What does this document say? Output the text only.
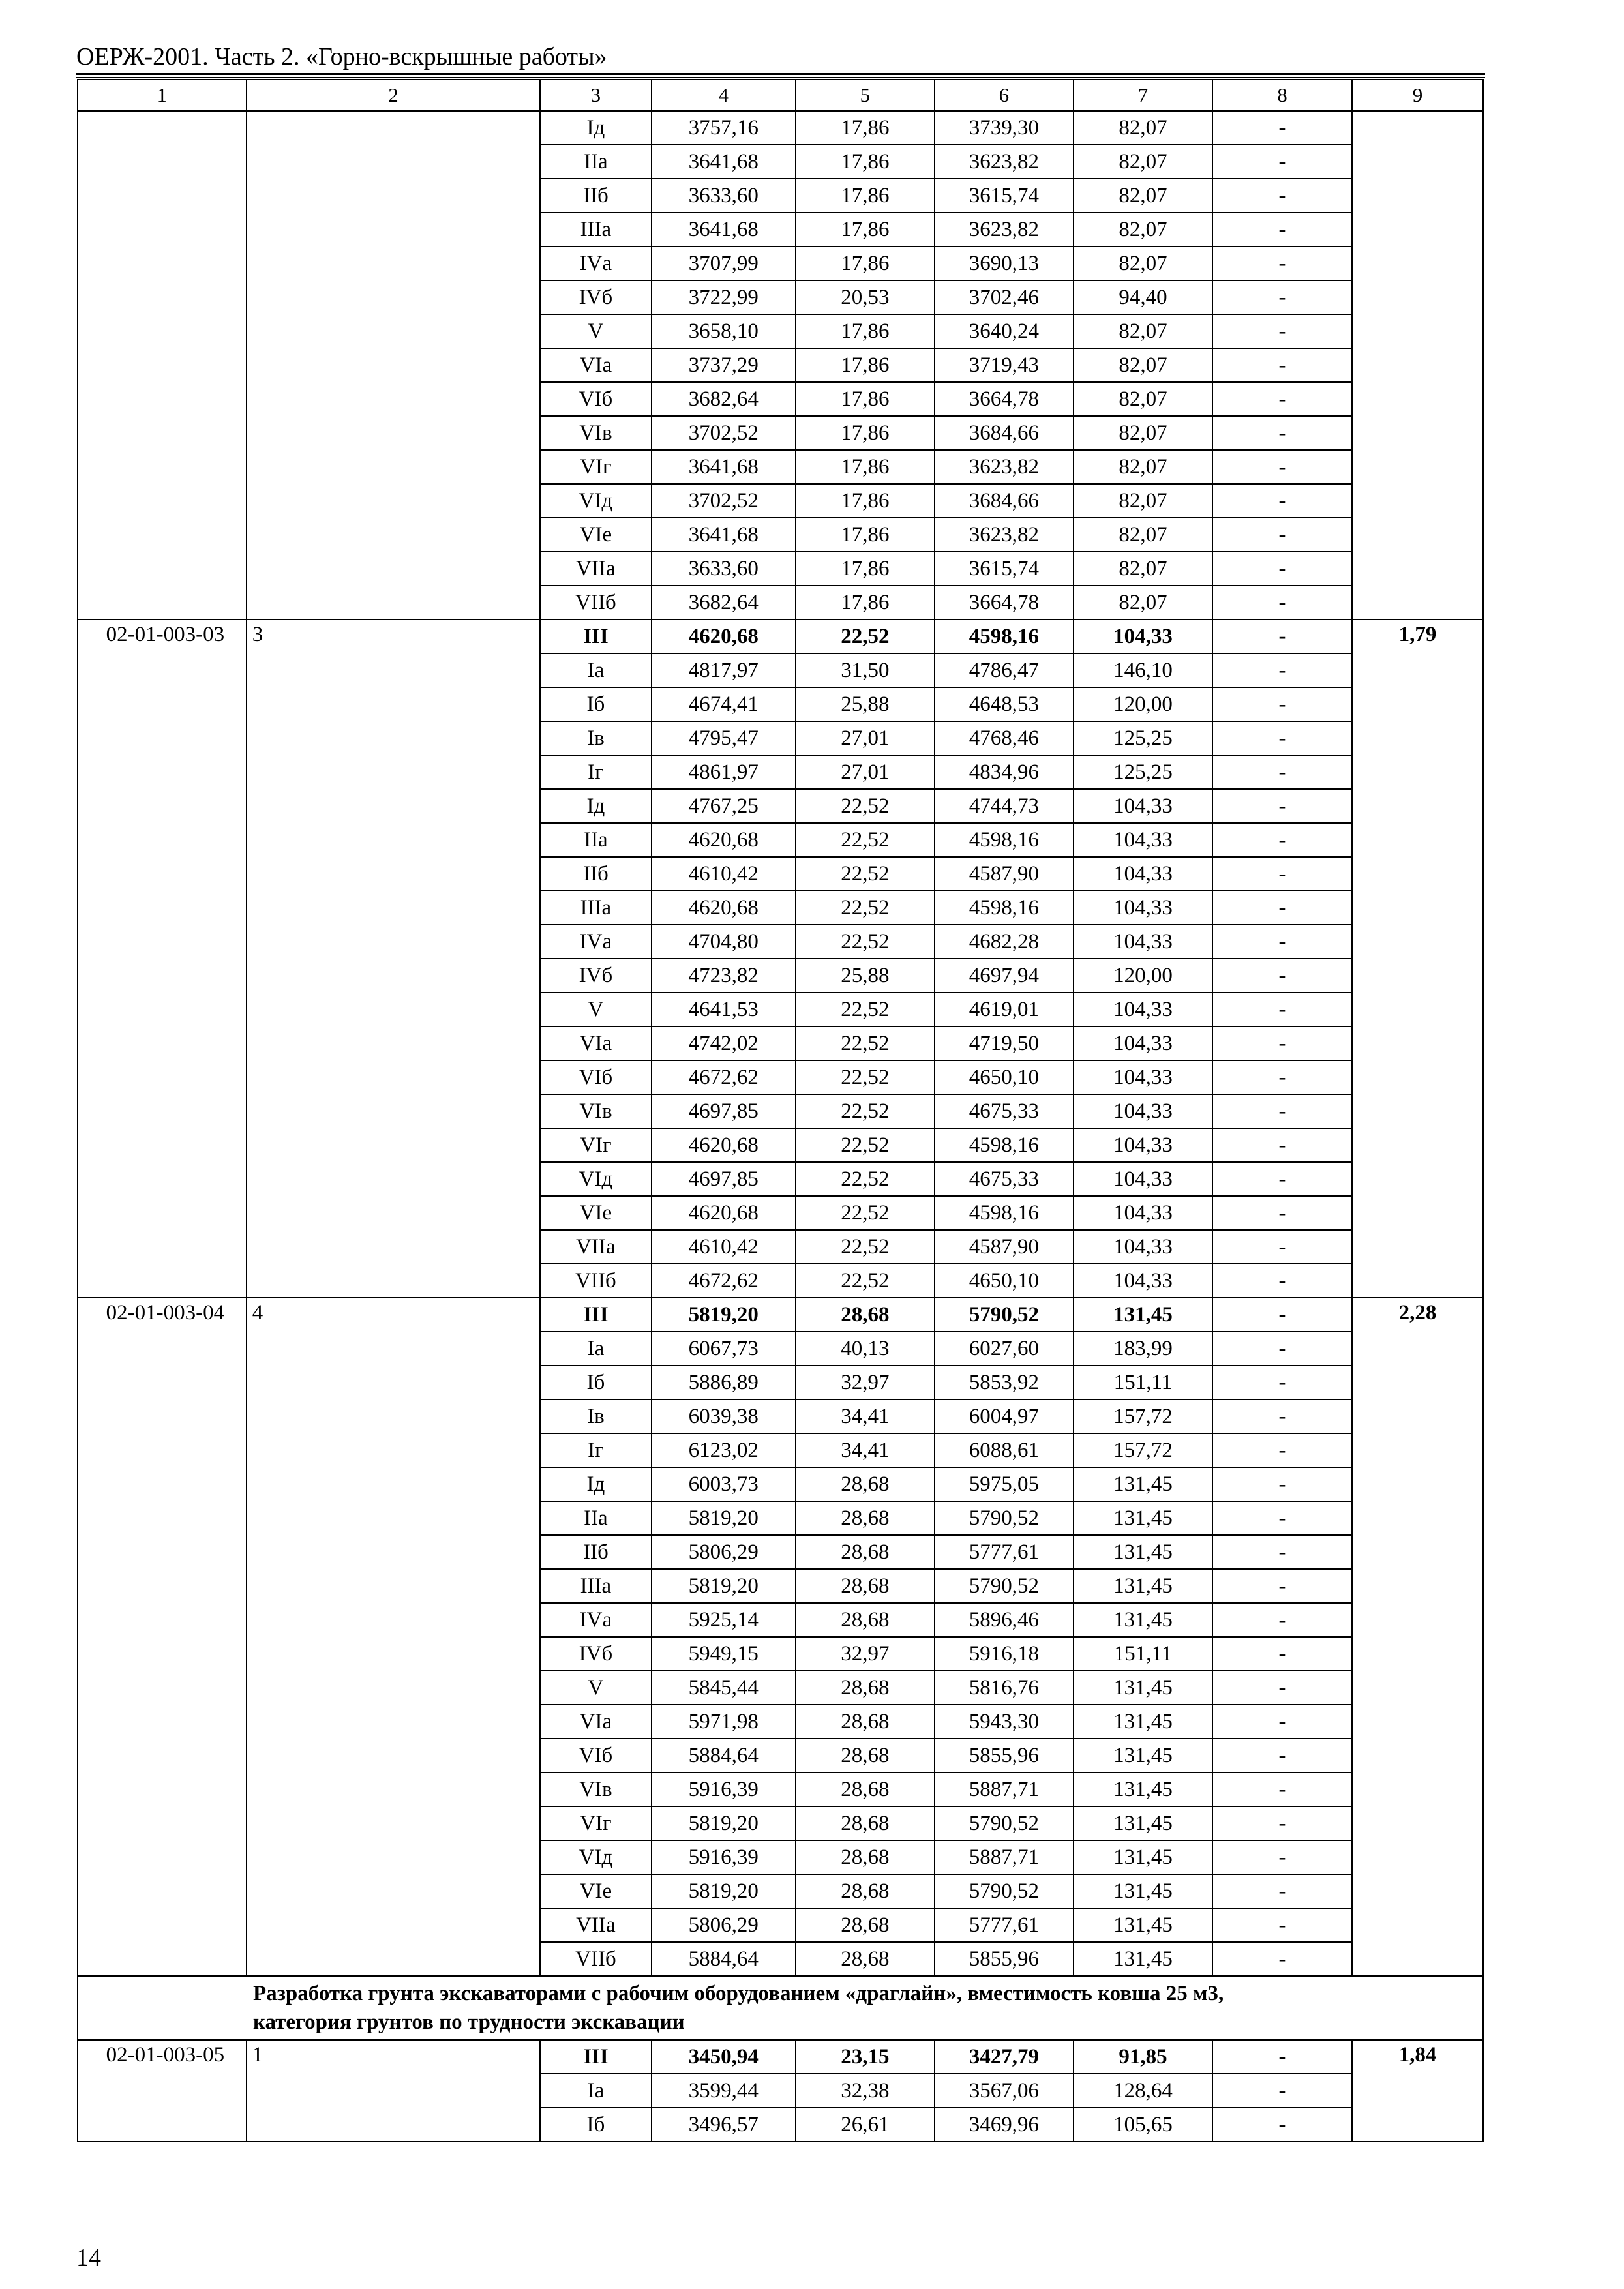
ОЕРЖ-2001. Часть 2. «Горно-вскрышные работы»
1	2	3	4	5	6	7	8	9
		Iд	3757,16	17,86	3739,30	82,07	-	
		IIа	3641,68	17,86	3623,82	82,07	-	
		IIб	3633,60	17,86	3615,74	82,07	-	
		IIIа	3641,68	17,86	3623,82	82,07	-	
		IVа	3707,99	17,86	3690,13	82,07	-	
		IVб	3722,99	20,53	3702,46	94,40	-	
		V	3658,10	17,86	3640,24	82,07	-	
		VIа	3737,29	17,86	3719,43	82,07	-	
		VIб	3682,64	17,86	3664,78	82,07	-	
		VIв	3702,52	17,86	3684,66	82,07	-	
		VIг	3641,68	17,86	3623,82	82,07	-	
		VIд	3702,52	17,86	3684,66	82,07	-	
		VIе	3641,68	17,86	3623,82	82,07	-	
		VIIа	3633,60	17,86	3615,74	82,07	-	
		VIIб	3682,64	17,86	3664,78	82,07	-	
02-01-003-03	3	III	4620,68	22,52	4598,16	104,33	-	1,79
		Iа	4817,97	31,50	4786,47	146,10	-	
		Iб	4674,41	25,88	4648,53	120,00	-	
		Iв	4795,47	27,01	4768,46	125,25	-	
		Iг	4861,97	27,01	4834,96	125,25	-	
		Iд	4767,25	22,52	4744,73	104,33	-	
		IIа	4620,68	22,52	4598,16	104,33	-	
		IIб	4610,42	22,52	4587,90	104,33	-	
		IIIа	4620,68	22,52	4598,16	104,33	-	
		IVа	4704,80	22,52	4682,28	104,33	-	
		IVб	4723,82	25,88	4697,94	120,00	-	
		V	4641,53	22,52	4619,01	104,33	-	
		VIа	4742,02	22,52	4719,50	104,33	-	
		VIб	4672,62	22,52	4650,10	104,33	-	
		VIв	4697,85	22,52	4675,33	104,33	-	
		VIг	4620,68	22,52	4598,16	104,33	-	
		VIд	4697,85	22,52	4675,33	104,33	-	
		VIе	4620,68	22,52	4598,16	104,33	-	
		VIIа	4610,42	22,52	4587,90	104,33	-	
		VIIб	4672,62	22,52	4650,10	104,33	-	
02-01-003-04	4	III	5819,20	28,68	5790,52	131,45	-	2,28
		Iа	6067,73	40,13	6027,60	183,99	-	
		Iб	5886,89	32,97	5853,92	151,11	-	
		Iв	6039,38	34,41	6004,97	157,72	-	
		Iг	6123,02	34,41	6088,61	157,72	-	
		Iд	6003,73	28,68	5975,05	131,45	-	
		IIа	5819,20	28,68	5790,52	131,45	-	
		IIб	5806,29	28,68	5777,61	131,45	-	
		IIIа	5819,20	28,68	5790,52	131,45	-	
		IVа	5925,14	28,68	5896,46	131,45	-	
		IVб	5949,15	32,97	5916,18	151,11	-	
		V	5845,44	28,68	5816,76	131,45	-	
		VIа	5971,98	28,68	5943,30	131,45	-	
		VIб	5884,64	28,68	5855,96	131,45	-	
		VIв	5916,39	28,68	5887,71	131,45	-	
		VIг	5819,20	28,68	5790,52	131,45	-	
		VIд	5916,39	28,68	5887,71	131,45	-	
		VIе	5819,20	28,68	5790,52	131,45	-	
		VIIа	5806,29	28,68	5777,61	131,45	-	
		VIIб	5884,64	28,68	5855,96	131,45	-	

Разработка грунта экскаваторами с рабочим оборудованием «драглайн», вместимость ковша 25 м3,
категория грунтов по трудности экскавации								

02-01-003-05	1	III	3450,94	23,15	3427,79	91,85	-	1,84
		Iа	3599,44	32,38	3567,06	128,64	-	
		Iб	3496,57	26,61	3469,96	105,65	-	
14
